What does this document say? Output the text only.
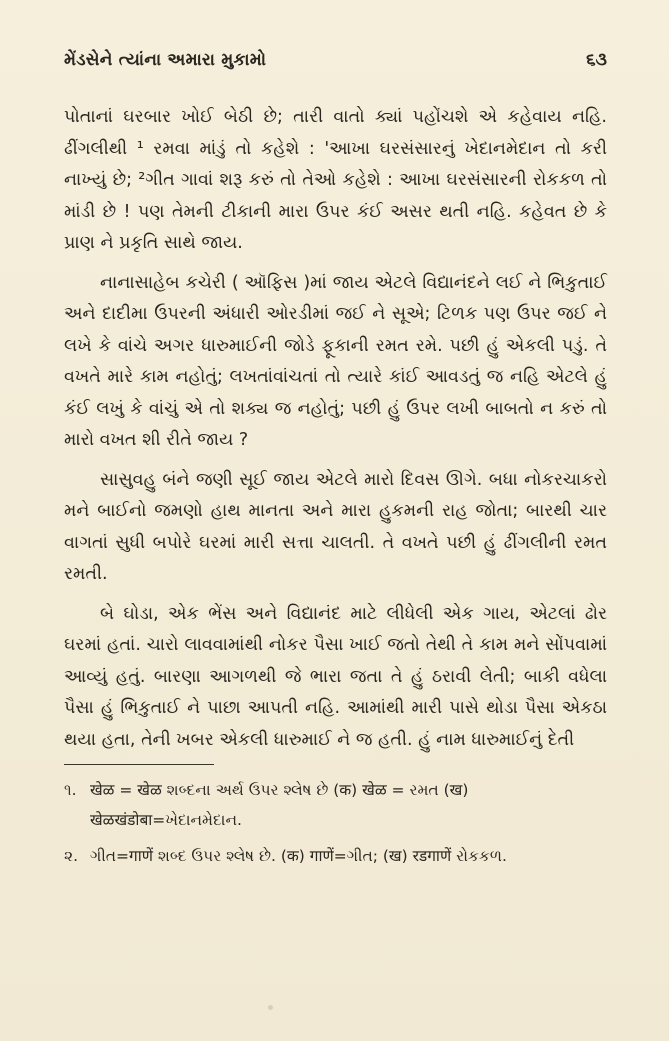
મેંડસેને ત્યાંના અમારા મુકામો	૬૩

પોતાનાં ઘરબાર ખોઈ બેઠી છે; તારી વાતો ક્યાં પહોંચશે એ કહેવાય નહિ. ઢીંગલીથી ¹ રમવા માંડું તો કહેશે : 'આખા ઘરસંસારનું ખેદાનમેદાન તો કરી નાખ્યું છે; ²ગીત ગાવાં શરૂ કરું તો તેઓ કહેશે : આખા ઘરસંસારની રોકકળ તો માંડી છે ! પણ તેમની ટીકાની મારા ઉપર કંઈ અસર થતી નહિ. કહેવત છે કે પ્રાણ ને પ્રકૃતિ સાથે જાય.

નાનાસાહેબ કચેરી ( ઑફિસ )માં જાય એટલે વિદ્યાનંદને લઈ ને ભિકુતાઈ અને દાદીમા ઉપરની અંધારી ઓરડીમાં જઈ ને સૂએ; ટિળક પણ ઉપર જઈ ને લખે કે વાંચે અગર ધારુમાઈની જોડે ફૂકાની રમત રમે. પછી હું એકલી પડું. તે વખતે મારે કામ નહોતું; લખતાંવાંચતાં તો ત્યારે કાંઈ આવડતું જ નહિ એટલે હું કંઈ લખું કે વાંચું એ તો શક્ય જ નહોતું; પછી હું ઉપર લખી બાબતો ન કરું તો મારો વખત શી રીતે જાય ?

સાસુવહુ બંને જણી સૂઈ જાય એટલે મારો દિવસ ઊગે. બધા નોકરચાકરો મને બાઈનો જમણો હાથ માનતા અને મારા હુકમની રાહ જોતા; બારથી ચાર વાગતાં સુધી બપોરે ઘરમાં મારી સત્તા ચાલતી. તે વખતે પછી હું ઢીંગલીની રમત રમતી.

બે ઘોડા, એક ભેંસ અને વિદ્યાનંદ માટે લીધેલી એક ગાય, એટલાં ઢોર ઘરમાં હતાં. ચારો લાવવામાંથી નોકર પૈસા ખાઈ જતો તેથી તે કામ મને સોંપવામાં આવ્યું હતું. બારણા આગળથી જે ભારા જતા તે હું ઠરાવી લેતી; બાકી વધેલા પૈસા હું ભિકુતાઈ ને પાછા આપતી નહિ. આમાંથી મારી પાસે થોડા પૈસા એકઠા થયા હતા, તેની ખબર એકલી ધારુમાઈ ને જ હતી. હું નામ ધારુમાઈનું દેતી

૧. खेळ = खेळ શબ્દના અર્થ ઉપર શ્લેષ છે (क) खेळ = રમત (ख) खेळखंडोबा=ખેદાનમેદાન.
૨. ગીત=गाणें શબ્દ ઉપર શ્લેષ છે. (क) गाणें=ગીત; (ख) रडगाणें રોકકળ.
